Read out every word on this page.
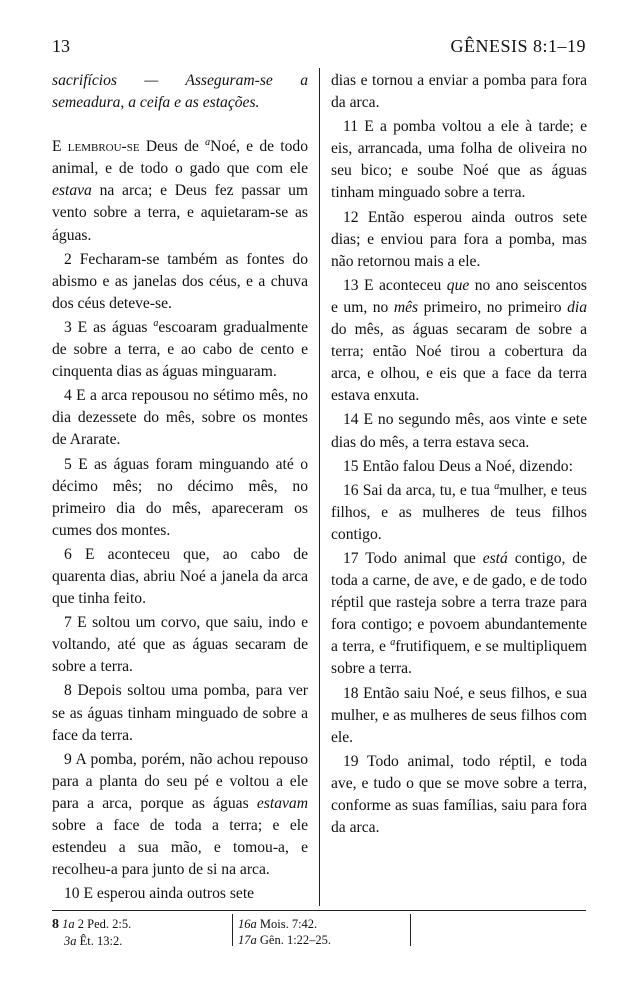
13	GÊNESIS 8:1–19

sacrifícios — Asseguram-se a semeadura, a ceifa e as estações.

E lembrou-se Deus de $^a$Noé, e de todo animal, e de todo o gado que com ele estava na arca; e Deus fez passar um vento sobre a terra, e aquietaram-se as águas.

2 Fecharam-se também as fontes do abismo e as janelas dos céus, e a chuva dos céus deteve-se.

3 E as águas $^a$escoaram gradualmente de sobre a terra, e ao cabo de cento e cinquenta dias as águas minguaram.

4 E a arca repousou no sétimo mês, no dia dezessete do mês, sobre os montes de Ararate.

5 E as águas foram minguando até o décimo mês; no décimo mês, no primeiro dia do mês, apareceram os cumes dos montes.

6 E aconteceu que, ao cabo de quarenta dias, abriu Noé a janela da arca que tinha feito.

7 E soltou um corvo, que saiu, indo e voltando, até que as águas secaram de sobre a terra.

8 Depois soltou uma pomba, para ver se as águas tinham minguado de sobre a face da terra.

9 A pomba, porém, não achou repouso para a planta do seu pé e voltou a ele para a arca, porque as águas estavam sobre a face de toda a terra; e ele estendeu a sua mão, e tomou-a, e recolheu-a para junto de si na arca.

10 E esperou ainda outros sete

dias e tornou a enviar a pomba para fora da arca.

11 E a pomba voltou a ele à tarde; e eis, arrancada, uma folha de oliveira no seu bico; e soube Noé que as águas tinham minguado sobre a terra.

12 Então esperou ainda outros sete dias; e enviou para fora a pomba, mas não retornou mais a ele.

13 E aconteceu que no ano seiscentos e um, no mês primeiro, no primeiro dia do mês, as águas secaram de sobre a terra; então Noé tirou a cobertura da arca, e olhou, e eis que a face da terra estava enxuta.

14 E no segundo mês, aos vinte e sete dias do mês, a terra estava seca.

15 Então falou Deus a Noé, dizendo:

16 Sai da arca, tu, e tua $^a$mulher, e teus filhos, e as mulheres de teus filhos contigo.

17 Todo animal que está contigo, de toda a carne, de ave, e de gado, e de todo réptil que rasteja sobre a terra traze para fora contigo; e povoem abundantemente a terra, e $^a$frutifiquem, e se multipliquem sobre a terra.

18 Então saiu Noé, e seus filhos, e sua mulher, e as mulheres de seus filhos com ele.

19 Todo animal, todo réptil, e toda ave, e tudo o que se move sobre a terra, conforme as suas famílias, saiu para fora da arca.

8 1a 2 Ped. 2:5.
3a Êt. 13:2.
16a Mois. 7:42.
17a Gên. 1:22–25.
